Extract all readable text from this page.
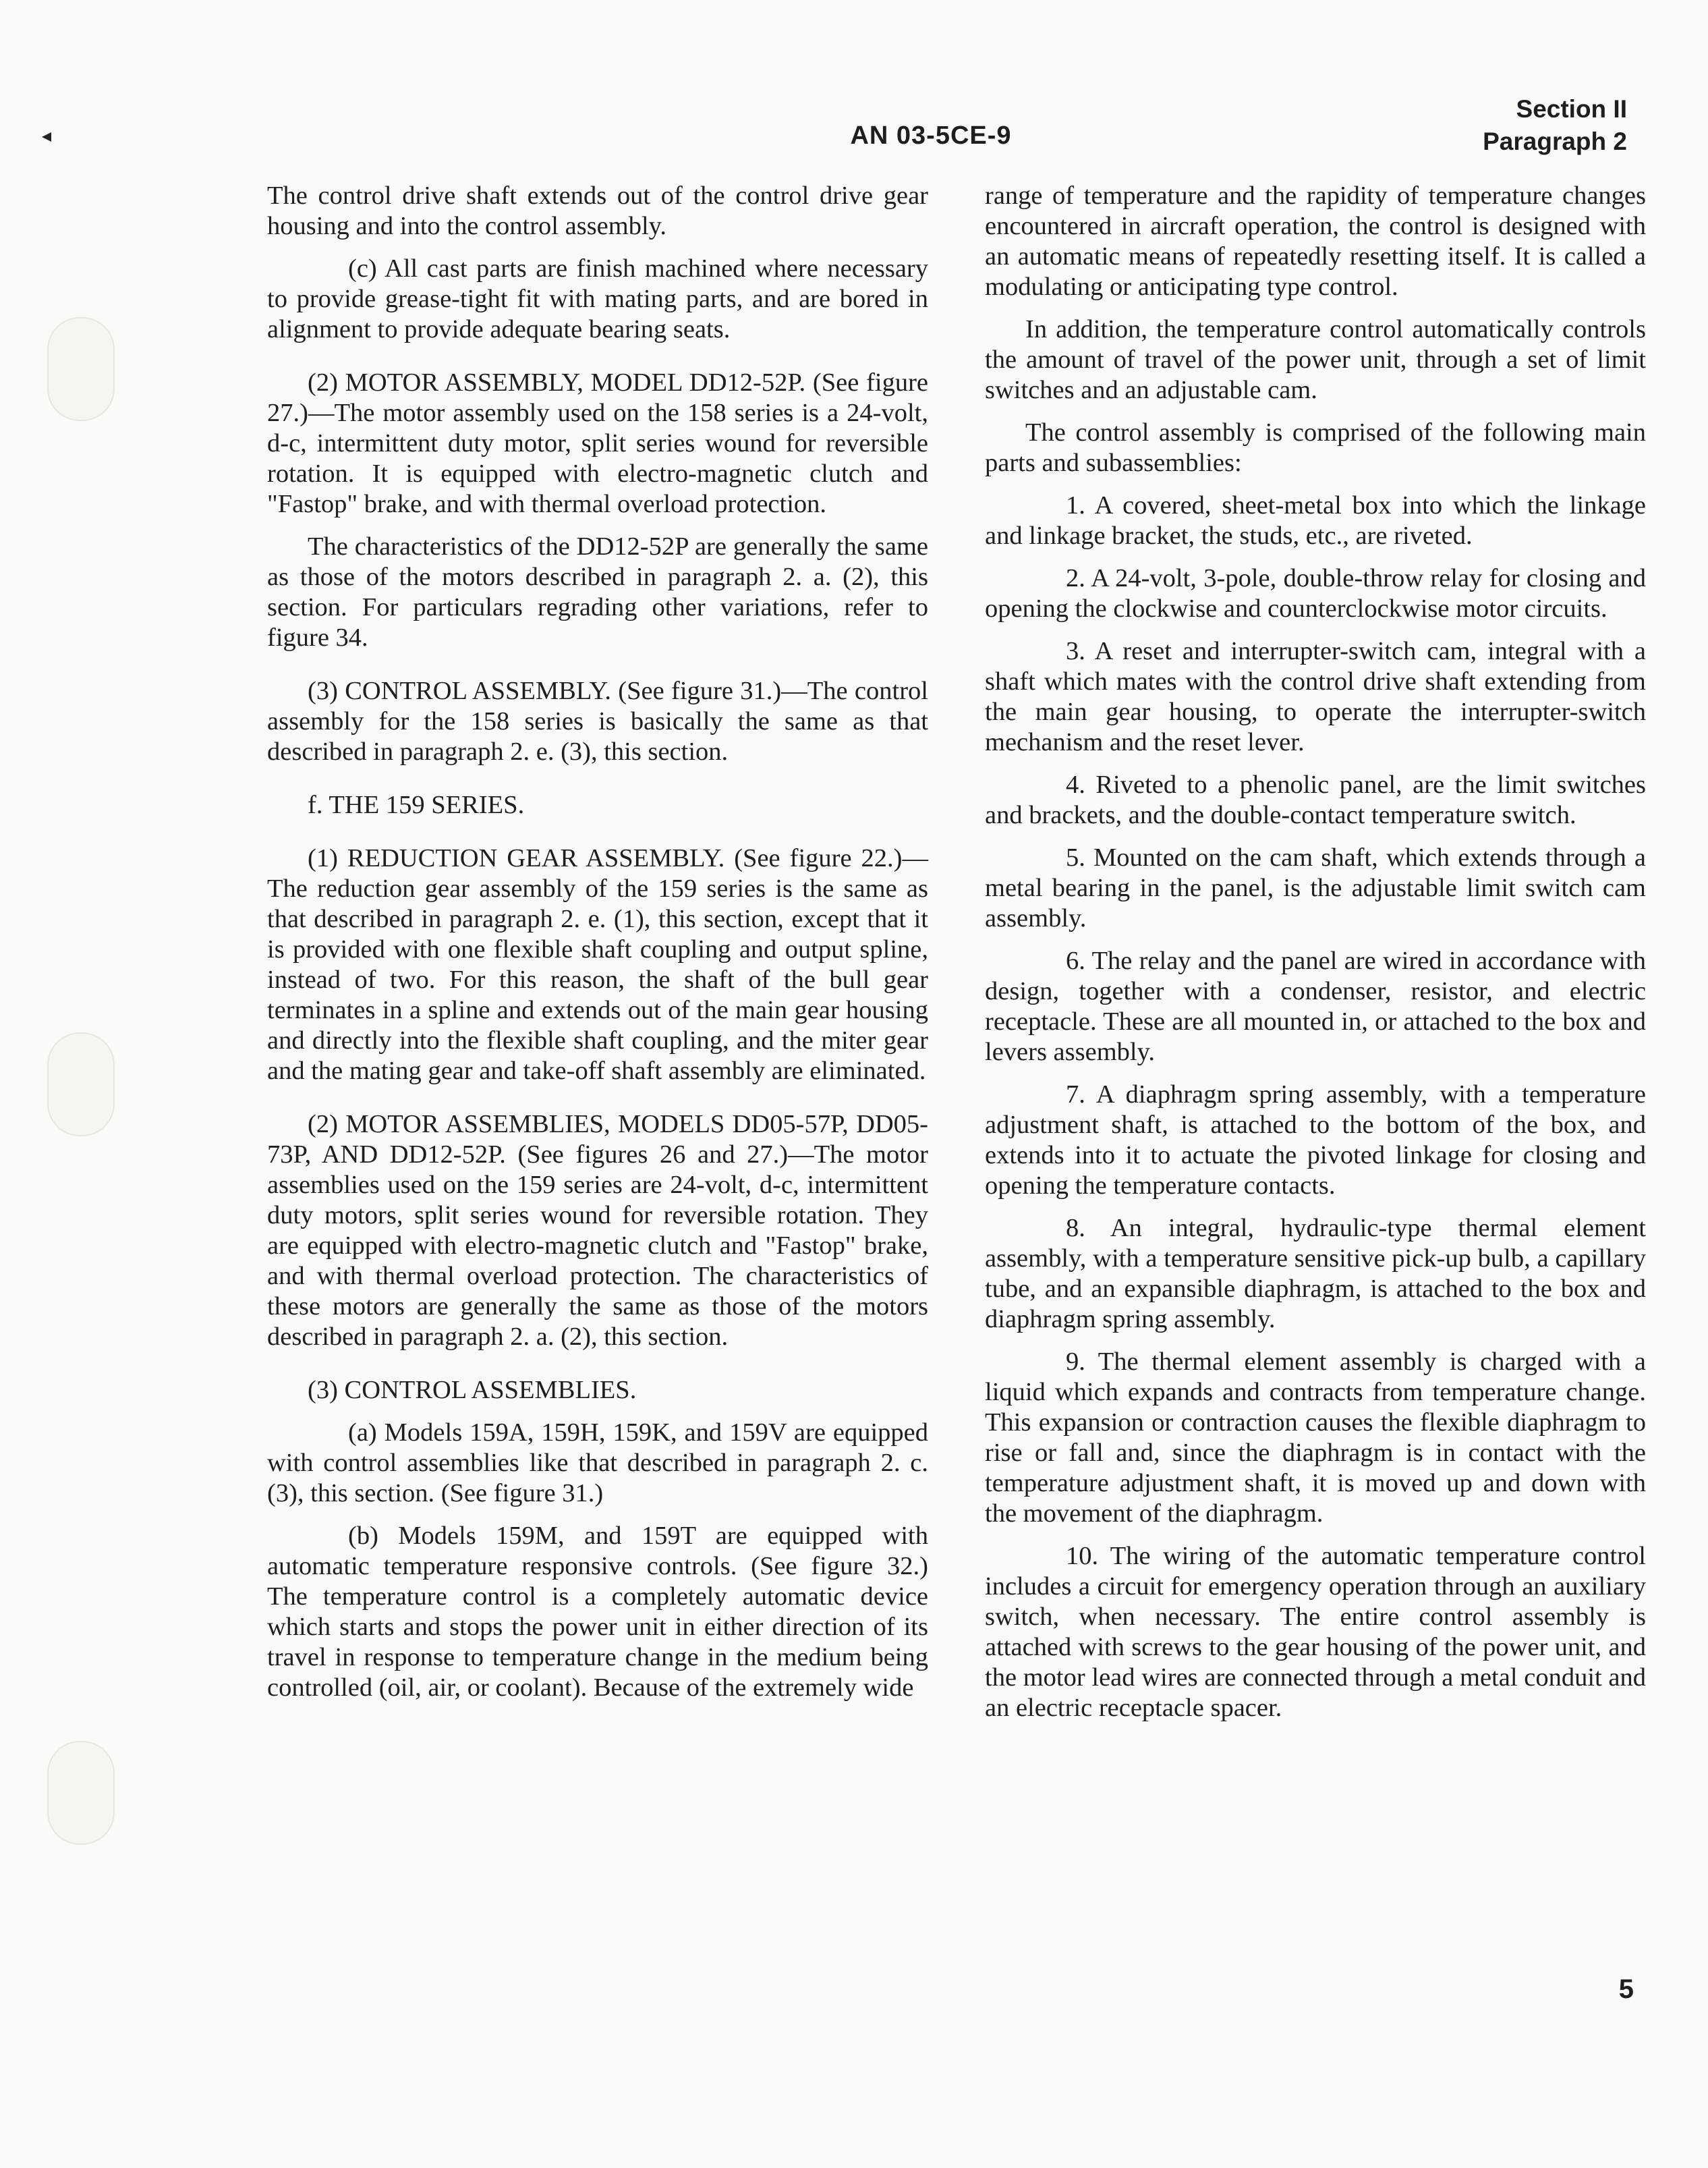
AN 03-5CE-9
Section II
Paragraph 2

The control drive shaft extends out of the control drive gear housing and into the control assembly.

(c) All cast parts are finish machined where necessary to provide grease-tight fit with mating parts, and are bored in alignment to provide adequate bearing seats.

(2) MOTOR ASSEMBLY, MODEL DD12-52P. (See figure 27.)—The motor assembly used on the 158 series is a 24-volt, d-c, intermittent duty motor, split series wound for reversible rotation. It is equipped with electro-magnetic clutch and "Fastop" brake, and with thermal overload protection.

The characteristics of the DD12-52P are generally the same as those of the motors described in paragraph 2. a. (2), this section. For particulars regrading other variations, refer to figure 34.

(3) CONTROL ASSEMBLY. (See figure 31.)—The control assembly for the 158 series is basically the same as that described in paragraph 2. e. (3), this section.

f. THE 159 SERIES.

(1) REDUCTION GEAR ASSEMBLY. (See figure 22.)—The reduction gear assembly of the 159 series is the same as that described in paragraph 2. e. (1), this section, except that it is provided with one flexible shaft coupling and output spline, instead of two. For this reason, the shaft of the bull gear terminates in a spline and extends out of the main gear housing and directly into the flexible shaft coupling, and the miter gear and the mating gear and take-off shaft assembly are eliminated.

(2) MOTOR ASSEMBLIES, MODELS DD05-57P, DD05-73P, AND DD12-52P. (See figures 26 and 27.)—The motor assemblies used on the 159 series are 24-volt, d-c, intermittent duty motors, split series wound for reversible rotation. They are equipped with electro-magnetic clutch and "Fastop" brake, and with thermal overload protection. The characteristics of these motors are generally the same as those of the motors described in paragraph 2. a. (2), this section.

(3) CONTROL ASSEMBLIES.

(a) Models 159A, 159H, 159K, and 159V are equipped with control assemblies like that described in paragraph 2. c. (3), this section. (See figure 31.)

(b) Models 159M, and 159T are equipped with automatic temperature responsive controls. (See figure 32.) The temperature control is a completely automatic device which starts and stops the power unit in either direction of its travel in response to temperature change in the medium being controlled (oil, air, or coolant). Because of the extremely wide

range of temperature and the rapidity of temperature changes encountered in aircraft operation, the control is designed with an automatic means of repeatedly resetting itself. It is called a modulating or anticipating type control.

In addition, the temperature control automatically controls the amount of travel of the power unit, through a set of limit switches and an adjustable cam.

The control assembly is comprised of the following main parts and subassemblies:

1. A covered, sheet-metal box into which the linkage and linkage bracket, the studs, etc., are riveted.

2. A 24-volt, 3-pole, double-throw relay for closing and opening the clockwise and counterclockwise motor circuits.

3. A reset and interrupter-switch cam, integral with a shaft which mates with the control drive shaft extending from the main gear housing, to operate the interrupter-switch mechanism and the reset lever.

4. Riveted to a phenolic panel, are the limit switches and brackets, and the double-contact temperature switch.

5. Mounted on the cam shaft, which extends through a metal bearing in the panel, is the adjustable limit switch cam assembly.

6. The relay and the panel are wired in accordance with design, together with a condenser, resistor, and electric receptacle. These are all mounted in, or attached to the box and levers assembly.

7. A diaphragm spring assembly, with a temperature adjustment shaft, is attached to the bottom of the box, and extends into it to actuate the pivoted linkage for closing and opening the temperature contacts.

8. An integral, hydraulic-type thermal element assembly, with a temperature sensitive pick-up bulb, a capillary tube, and an expansible diaphragm, is attached to the box and diaphragm spring assembly.

9. The thermal element assembly is charged with a liquid which expands and contracts from temperature change. This expansion or contraction causes the flexible diaphragm to rise or fall and, since the diaphragm is in contact with the temperature adjustment shaft, it is moved up and down with the movement of the diaphragm.

10. The wiring of the automatic temperature control includes a circuit for emergency operation through an auxiliary switch, when necessary. The entire control assembly is attached with screws to the gear housing of the power unit, and the motor lead wires are connected through a metal conduit and an electric receptacle spacer.

5
